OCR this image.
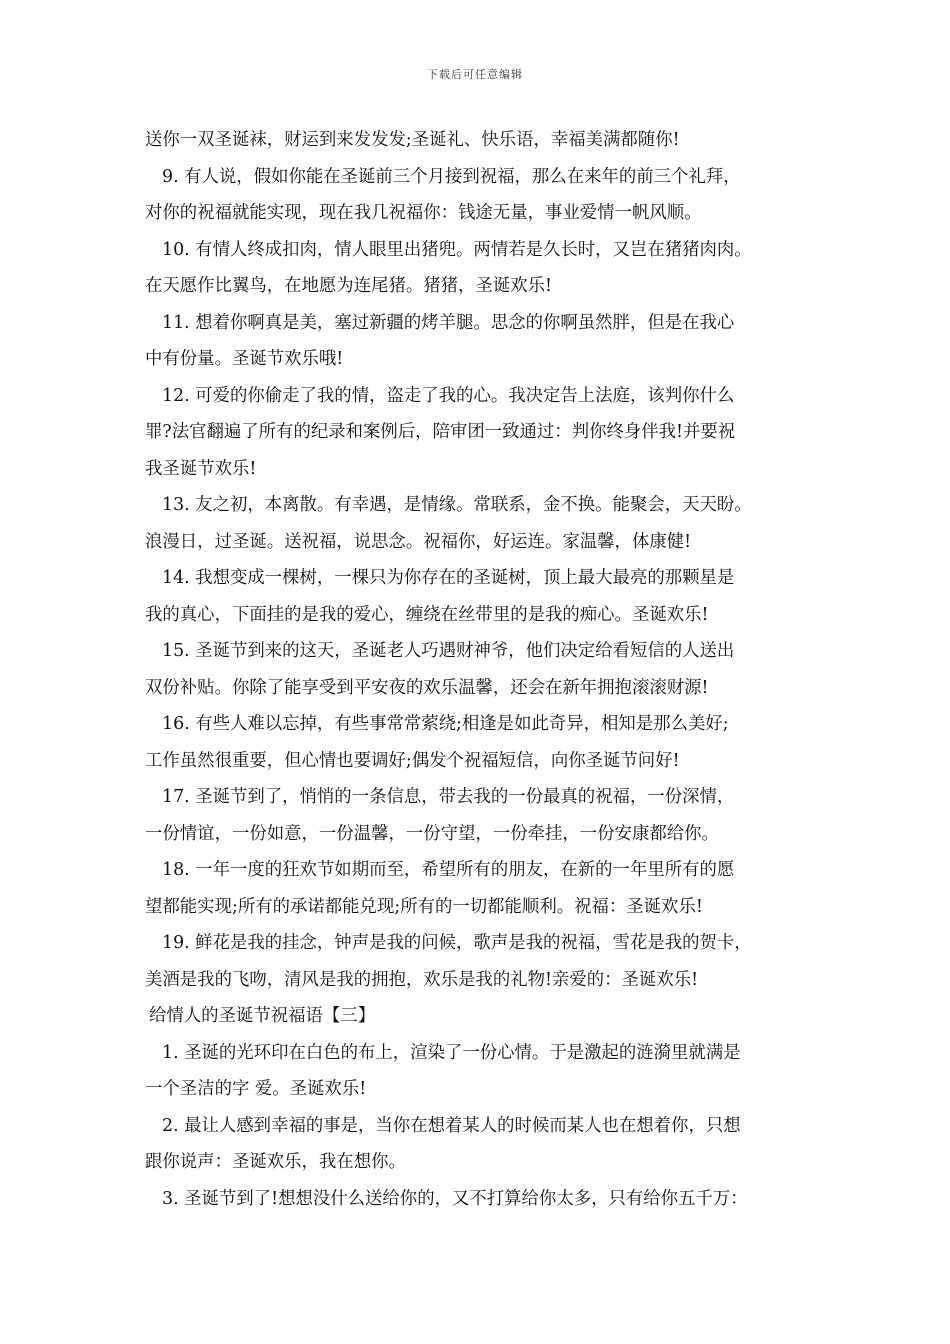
下载后可任意编辑
送你一双圣诞袜，财运到来发发发;圣诞礼、快乐语，幸福美满都随你!
9. 有人说，假如你能在圣诞前三个月接到祝福，那么在来年的前三个礼拜，
对你的祝福就能实现，现在我几祝福你：钱途无量，事业爱情一帆风顺。
10. 有情人终成扣肉，情人眼里出猪兜。两情若是久长时，又岂在猪猪肉肉。
在天愿作比翼鸟，在地愿为连尾猪。猪猪，圣诞欢乐!
11. 想着你啊真是美，塞过新疆的烤羊腿。思念的你啊虽然胖，但是在我心
中有份量。圣诞节欢乐哦!
12. 可爱的你偷走了我的情，盗走了我的心。我决定告上法庭，该判你什么
罪?法官翻遍了所有的纪录和案例后，陪审团一致通过：判你终身伴我!并要祝
我圣诞节欢乐!
13. 友之初，本离散。有幸遇，是情缘。常联系，金不换。能聚会，天天盼。
浪漫日，过圣诞。送祝福，说思念。祝福你，好运连。家温馨，体康健!
14. 我想变成一棵树，一棵只为你存在的圣诞树，顶上最大最亮的那颗星是
我的真心，下面挂的是我的爱心，缠绕在丝带里的是我的痴心。圣诞欢乐!
15. 圣诞节到来的这天，圣诞老人巧遇财神爷，他们决定给看短信的人送出
双份补贴。你除了能享受到平安夜的欢乐温馨，还会在新年拥抱滚滚财源!
16. 有些人难以忘掉，有些事常常萦绕;相逢是如此奇异，相知是那么美好;
工作虽然很重要，但心情也要调好;偶发个祝福短信，向你圣诞节问好!
17. 圣诞节到了，悄悄的一条信息，带去我的一份最真的祝福，一份深情，
一份情谊，一份如意，一份温馨，一份守望，一份牵挂，一份安康都给你。
18. 一年一度的狂欢节如期而至，希望所有的朋友，在新的一年里所有的愿
望都能实现;所有的承诺都能兑现;所有的一切都能顺利。祝福：圣诞欢乐!
19. 鲜花是我的挂念，钟声是我的问候，歌声是我的祝福，雪花是我的贺卡，
美酒是我的飞吻，清风是我的拥抱，欢乐是我的礼物!亲爱的：圣诞欢乐!
给情人的圣诞节祝福语【三】
1. 圣诞的光环印在白色的布上，渲染了一份心情。于是激起的涟漪里就满是
一个圣洁的字 爱。圣诞欢乐!
2. 最让人感到幸福的事是，当你在想着某人的时候而某人也在想着你，只想
跟你说声：圣诞欢乐，我在想你。
3. 圣诞节到了!想想没什么送给你的，又不打算给你太多，只有给你五千万：
